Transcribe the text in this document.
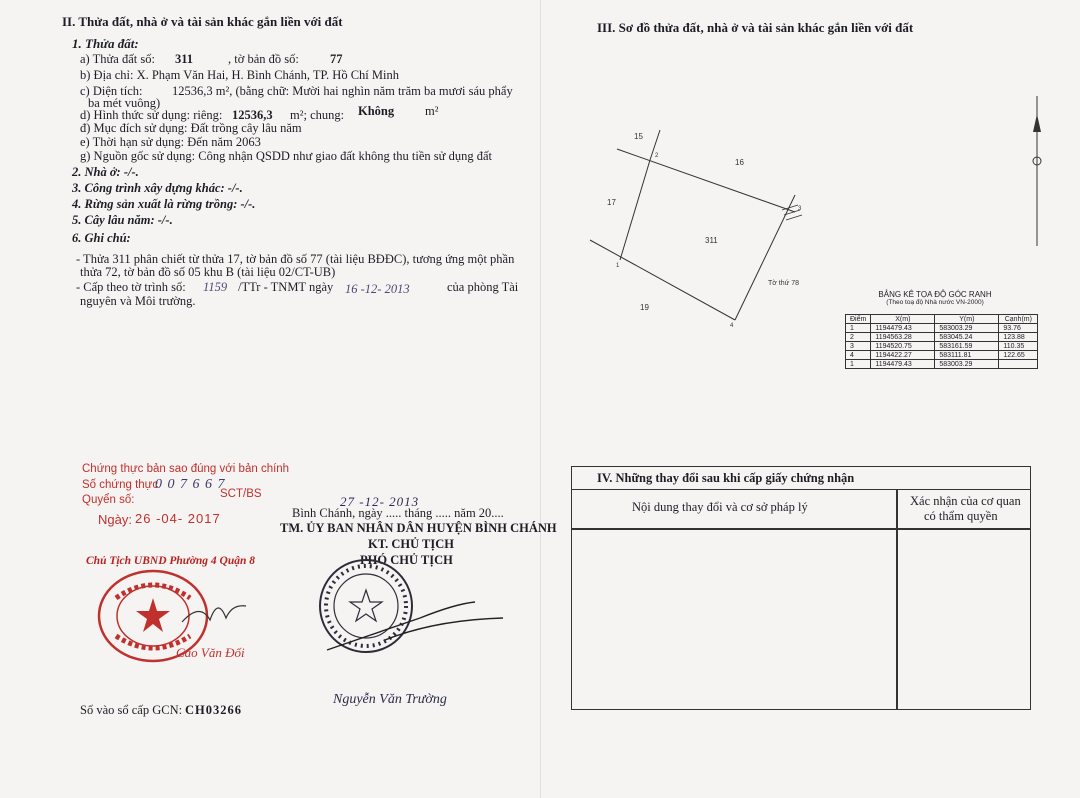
II. Thửa đất, nhà ở và tài sản khác gắn liền với đất
1. Thửa đất:
a) Thửa đất số: 311	, tờ bản đồ số: 77
b) Địa chỉ: X. Phạm Văn Hai, H. Bình Chánh, TP. Hồ Chí Minh
c) Diện tích: 12536,3 m², (bằng chữ: Mười hai nghìn năm trăm ba mươi sáu phẩy
ba mét vuông)
d) Hình thức sử dụng: riêng: 12536,3 m²; chung: Không m²
đ) Mục đích sử dụng: Đất trồng cây lâu năm
e) Thời hạn sử dụng: Đến năm 2063
g) Nguồn gốc sử dụng: Công nhận QSDD như giao đất không thu tiền sử dụng đất
2. Nhà ở: -/-.
3. Công trình xây dựng khác: -/-.
4. Rừng sản xuất là rừng trồng: -/-.
5. Cây lâu năm: -/-.
6. Ghi chú:
- Thửa 311 phân chiết từ thửa 17, tờ bản đồ số 77 (tài liệu BĐĐC), tương ứng một phần
thửa 72, tờ bản đồ số 05 khu B (tài liệu 02/CT-UB)
- Cấp theo tờ trình số: 1159 /TTr - TNMT ngày 16 -12- 2013	của phòng Tài
nguyên và Môi trường.
Chứng thực bản sao đúng với bản chính
Số chứng thực
0 0 7 6 6 7
Quyển số:	SCT/BS
Ngày: 26 -04- 2017
Chủ Tịch UBND Phường 4 Quận 8
Cao Văn Đối
27 -12- 2013
Bình Chánh, ngày ..... tháng ..... năm 20....
TM. ỦY BAN NHÂN DÂN HUYỆN BÌNH CHÁNH
KT. CHỦ TỊCH
PHÓ CHỦ TỊCH
Nguyễn Văn Trường
Số vào sổ cấp GCN: CH03266
III. Sơ đồ thửa đất, nhà ở và tài sản khác gắn liền với đất
15
16
17
311
19
Tờ thứ 78
1
2
3
4
BẢNG KÊ TỌA ĐỘ GÓC RANH
(Theo toạ độ Nhà nước VN-2000)
Điểm	X(m)	Y(m)	Cạnh(m)
1	1194479.43	583003.29	93.76
2	1194563.28	583045.24	123.88
3	1194520.75	583161.59	110.35
4	1194422.27	583111.81	122.65
1	1194479.43	583003.29	
IV. Những thay đổi sau khi cấp giấy chứng nhận
Nội dung thay đổi và cơ sở pháp lý	Xác nhận của cơ quan
có thẩm quyền
